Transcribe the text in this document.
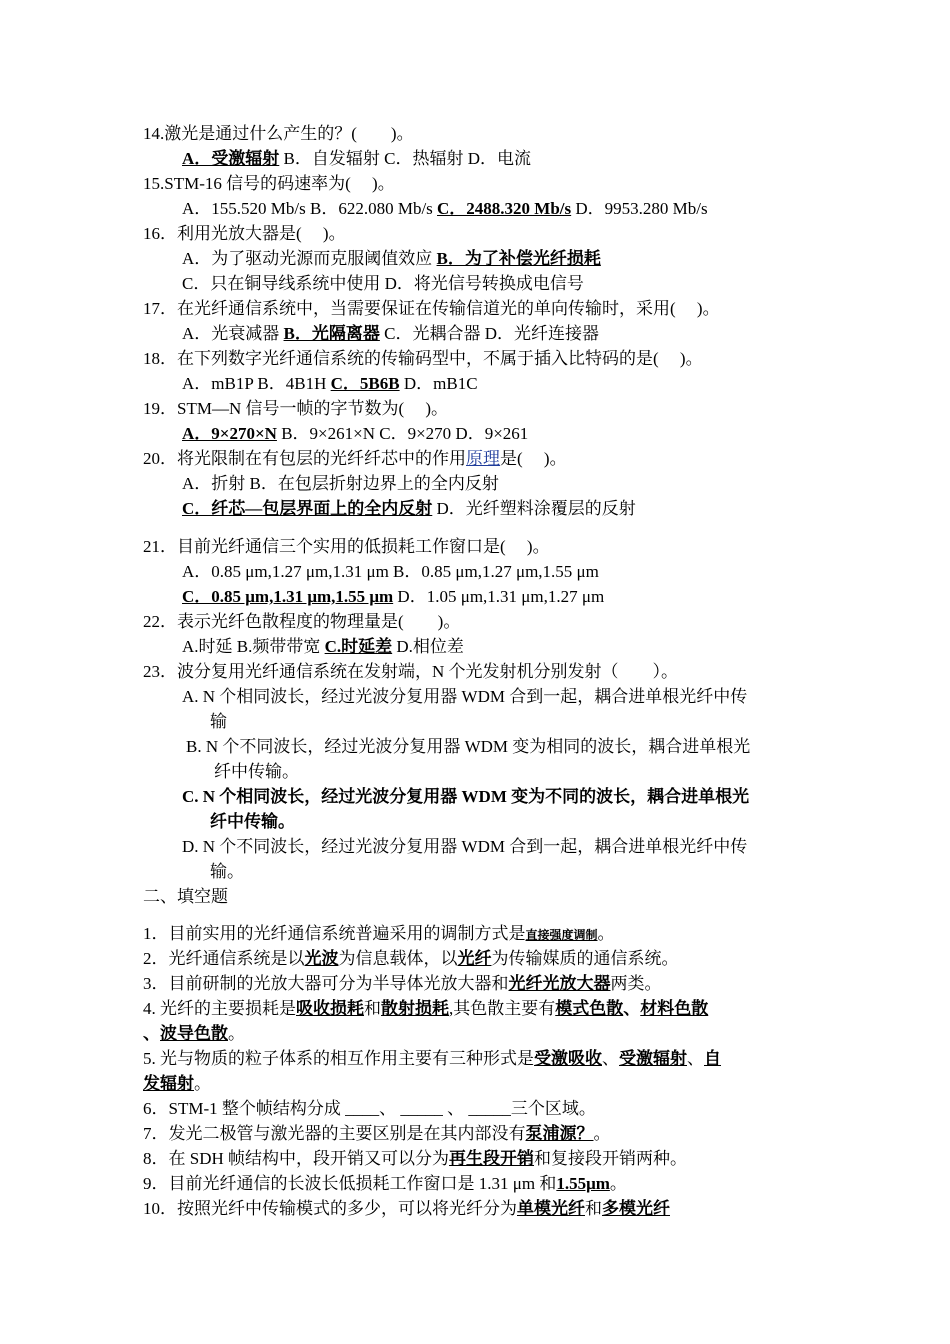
14.激光是通过什么产生的？(　　)。
A．受激辐射 B．自发辐射 C．热辐射 D．电流
15.STM-16 信号的码速率为(　 )。
A．155.520 Mb/s B．622.080 Mb/s C．2488.320 Mb/s D．9953.280 Mb/s
16．利用光放大器是(　 )。
A．为了驱动光源而克服阈值效应 B．为了补偿光纤损耗
C．只在铜导线系统中使用 D．将光信号转换成电信号
17．在光纤通信系统中，当需要保证在传输信道光的单向传输时，采用(　 )。
A．光衰减器 B．光隔离器 C．光耦合器 D．光纤连接器
18．在下列数字光纤通信系统的传输码型中，不属于插入比特码的是(　 )。
A．mB1P B．4B1H C．5B6B D．mB1C
19．STM—N 信号一帧的字节数为(　 )。
A．9×270×N B．9×261×N C．9×270 D．9×261
20．将光限制在有包层的光纤纤芯中的作用原理是(　 )。
A．折射 B．在包层折射边界上的全内反射
C．纤芯—包层界面上的全内反射 D．光纤塑料涂覆层的反射
21．目前光纤通信三个实用的低损耗工作窗口是(　 )。
A．0.85 μm,1.27 μm,1.31 μm B．0.85 μm,1.27 μm,1.55 μm
C．0.85 μm,1.31 μm,1.55 μm D．1.05 μm,1.31 μm,1.27 μm
22．表示光纤色散程度的物理量是(　　)。
A.时延 B.频带带宽 C.时延差 D.相位差
23．波分复用光纤通信系统在发射端，N 个光发射机分别发射（　　）。
A. N 个相同波长，经过光波分复用器 WDM 合到一起，耦合进单根光纤中传
输
B. N 个不同波长，经过光波分复用器 WDM 变为相同的波长，耦合进单根光
纤中传输。
C. N 个相同波长，经过光波分复用器 WDM 变为不同的波长，耦合进单根光
纤中传输。
D. N 个不同波长，经过光波分复用器 WDM 合到一起，耦合进单根光纤中传
输。
二、填空题
1．目前实用的光纤通信系统普遍采用的调制方式是直接强度调制。
2．光纤通信系统是以光波为信息载体，以光纤为传输媒质的通信系统。
3．目前研制的光放大器可分为半导体光放大器和光纤光放大器两类。
4. 光纤的主要损耗是吸收损耗和散射损耗,其色散主要有模式色散、材料色散
、波导色散。
5. 光与物质的粒子体系的相互作用主要有三种形式是受激吸收、受激辐射、自
发辐射。
6．STM-1 整个帧结构分成 ____、 _____ 、 _____三个区域。
7．发光二极管与激光器的主要区别是在其内部没有泵浦源？。
8．在 SDH 帧结构中，段开销又可以分为再生段开销和复接段开销两种。
9．目前光纤通信的长波长低损耗工作窗口是 1.31 μm 和1.55μm。
10．按照光纤中传输模式的多少，可以将光纤分为单模光纤和多模光纤
